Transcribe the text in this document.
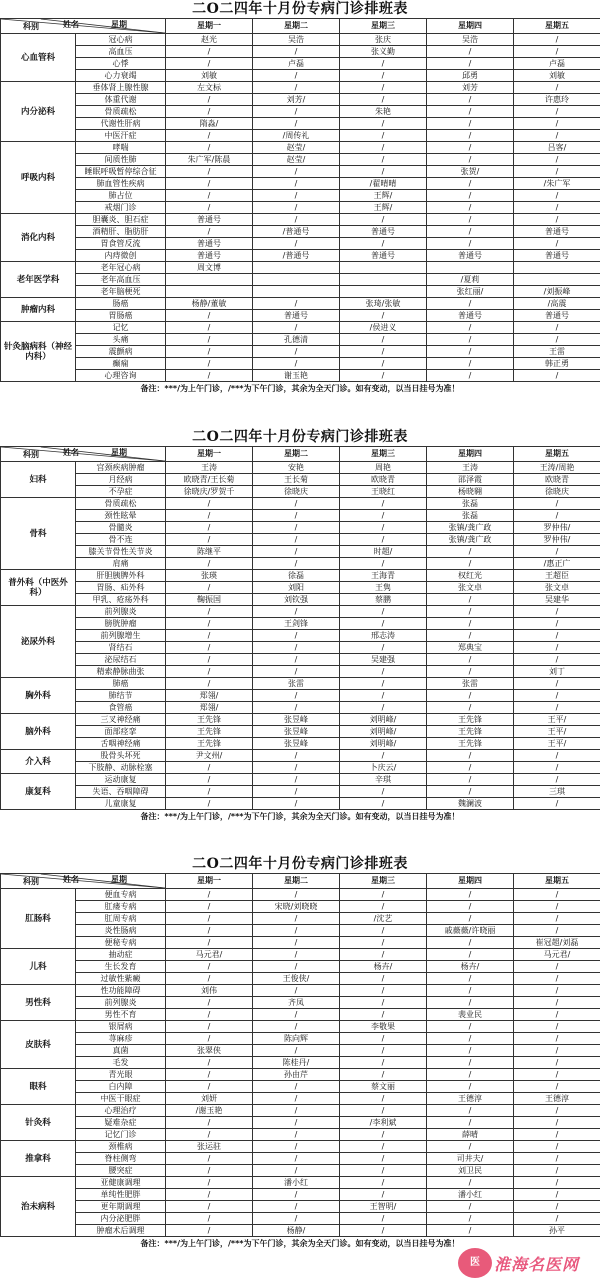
二O二四年十月份专病门诊排班表
科别 姓名 星期		星期一	星期二	星期三	星期四	星期五
心血管科	冠心病	赵光	吴浩	张庆	吴浩	/
	高血压	/	/	张义勤	/	/
	心悸	/	卢磊	/	/	卢磊
	心力衰竭	刘敏	/	/	邱勇	刘敏
内分泌科	垂体肾上腺性腺	左文标	/	/	刘芳	/
	体重代谢	/	刘芳/	/	/	许惠玲
	骨质疏松	/	/	朱艳	/	/
	代谢性肝病	隋淼/	/	/	/	/
	中医汗症	/	/周传礼	/	/	/
呼吸内科	哮喘	/	赵莹/	/	/	吕客/
	间质性肺	朱广军/陈晨	赵莹/	/	/	/
	睡眠呼吸暂停综合征	/	/	/	张贺/	/
	肺血管性疾病	/	/	/翟晴晴	/	/朱广军
	肺占位	/	/	王辉/	/	/
	戒烟门诊	/	/	王辉/	/	/
消化内科	胆囊炎、胆石症	普通号	/	/	/	/
	酒精肝、脂肪肝	/	/普通号	普通号	/	普通号
	胃食管反流	普通号	/	/	/	/
	内痔微创	普通号	/普通号	普通号	普通号	普通号
老年医学科	老年冠心病	周文博				
	老年高血压				/夏莉	
	老年脑梗死				张红丽/	/刘振峰
肿瘤内科	肠癌	杨静/董敏	/	张琦/张敏	/	/高震
	胃肠癌	/	普通号	/	普通号	普通号
针灸脑病科（神经内科）	记忆	/	/	/侯进义	/	/
	头痛	/	孔德清	/	/	/
	震颤病	/	/	/	/	王雷
	癫痫	/	/	/	/	韩正勇
	心理咨询	/	谢玉艳	/	/	/
备注：***/为上午门诊，/***为下午门诊，其余为全天门诊。如有变动，以当日挂号为准！
二O二四年十月份专病门诊排班表
科别 姓名 星期		星期一	星期二	星期三	星期四	星期五
妇科	宫颈疾病肿瘤	王涛	安艳	周艳	王涛	王涛/周艳
	月经病	欧晓青/王长菊	王长菊	欧晓青	邵泽霞	欧晓青
	不孕症	徐晓庆/罗贺千	徐晓庆	王晓红	杨晓翱	徐晓庆
骨科	骨质疏松	/	/	/	张磊	/
	颈性眩晕	/	/	/	张磊	/
	骨髓炎	/	/	/	张镇/龚广政	罗仲伟/
	骨不连	/	/	/	张镇/龚广政	罗仲伟/
	膝关节骨性关节炎	陈继平	/	时超/	/	/
	肩痛	/	/	/	/	/惠正广
普外科（中医外科）	肝胆胰脾外科	张瑛	徐磊	王海青	权红光	王超臣
	胃肠、疝外科	/	刘阳	王隽	张文卓	张文卓
	甲乳、疮疡外科	鞠振国	刘钦强	蔡鹏	/	吴建华
泌尿外科	前列腺炎	/	/	/	/	/
	膀胱肿瘤	/	王剑锋	/	/	/
	前列腺增生	/	/	邢志涛	/	/
	肾结石	/	/	/	郑典宝	/
	泌尿结石	/	/	吴建强	/	/
	精索静脉曲张	/	/	/	/	刘丁
胸外科	肺癌	/	张雷	/	张雷	/
	肺结节	郑翎/	/	/	/	/
	食管癌	郑翎/	/	/	/	/
脑外科	三叉神经痛	王先锋	张昱峰	刘明峰/	王先锋	王平/
	面部痉挛	王先锋	张昱峰	刘明峰/	王先锋	王平/
	舌咽神经痛	王先锋	张昱峰	刘明峰/	王先锋	王平/
介入科	股骨头坏死	尹文州/	/	/	/	/
	下肢静、动脉栓塞	/	/	卜庆云/	/	/
康复科	运动康复	/	/	辛琪	/	/
	失语、吞咽障碍	/	/	/	/	三琪
	儿童康复	/	/	/	魏澜波	/
备注：***/为上午门诊，/***为下午门诊，其余为全天门诊。如有变动，以当日挂号为准！
二O二四年十月份专病门诊排班表
科别 姓名 星期		星期一	星期二	星期三	星期四	星期五
肛肠科	便血专病	/	/	/	/	/
	肛瘘专病	/	宋晓/刘晓晓	/	/	/
	肛周专病	/	/	/沈艺	/	/
	炎性肠病	/	/	/	戚薇薇/许晓丽	/
	便秘专病	/	/	/	/	崔冠超/刘磊
儿科	抽动症	马元君/	/	/	/	马元君/
	生长发育	/	/	杨卉/	杨卉/	/
	过敏性紫癜	/	王俊侠/	/	/	/
男性科	性功能障碍	刘伟	/	/	/	/
	前列腺炎	/	齐凤	/	/	/
	男性不育	/	/	/	裴业民	/
皮肤科	银屑病	/	/	李敬果	/	/
	荨麻疹	/	陈向辉	/	/	/
	真菌	张翠侠	/	/	/	/
	毛发	/	陈桂丹/	/	/	/
眼科	青光眼	/	孙由芹	/	/	/
	白内障	/	/	蔡文丽	/	/
	中医干眼症	刘妍	/	/	王德淳	王德淳
针灸科	心理治疗	/谢玉艳	/	/	/	/
	疑难杂症	/	/	/李利斌	/	/
	记忆门诊	/	/	/	薛晴	/
推拿科	颈椎病	张运驻	/	/	/	/
	脊柱侧弯	/	/	/	司井夫/	/
	腰突症	/	/	/	刘卫民	/
治未病科	亚健康调理	/	潘小红	/	/	/
	单纯性肥胖	/	/	/	潘小红	/
	更年期调理	/	/	王智明/	/	/
	内分泌肥胖	/	/	/	/	/
	肿瘤术后调理	/	杨静/	/	/	孙平
备注：***/为上午门诊，/***为下午门诊，其余为全天门诊。如有变动，以当日挂号为准！
医 淮海名医网
